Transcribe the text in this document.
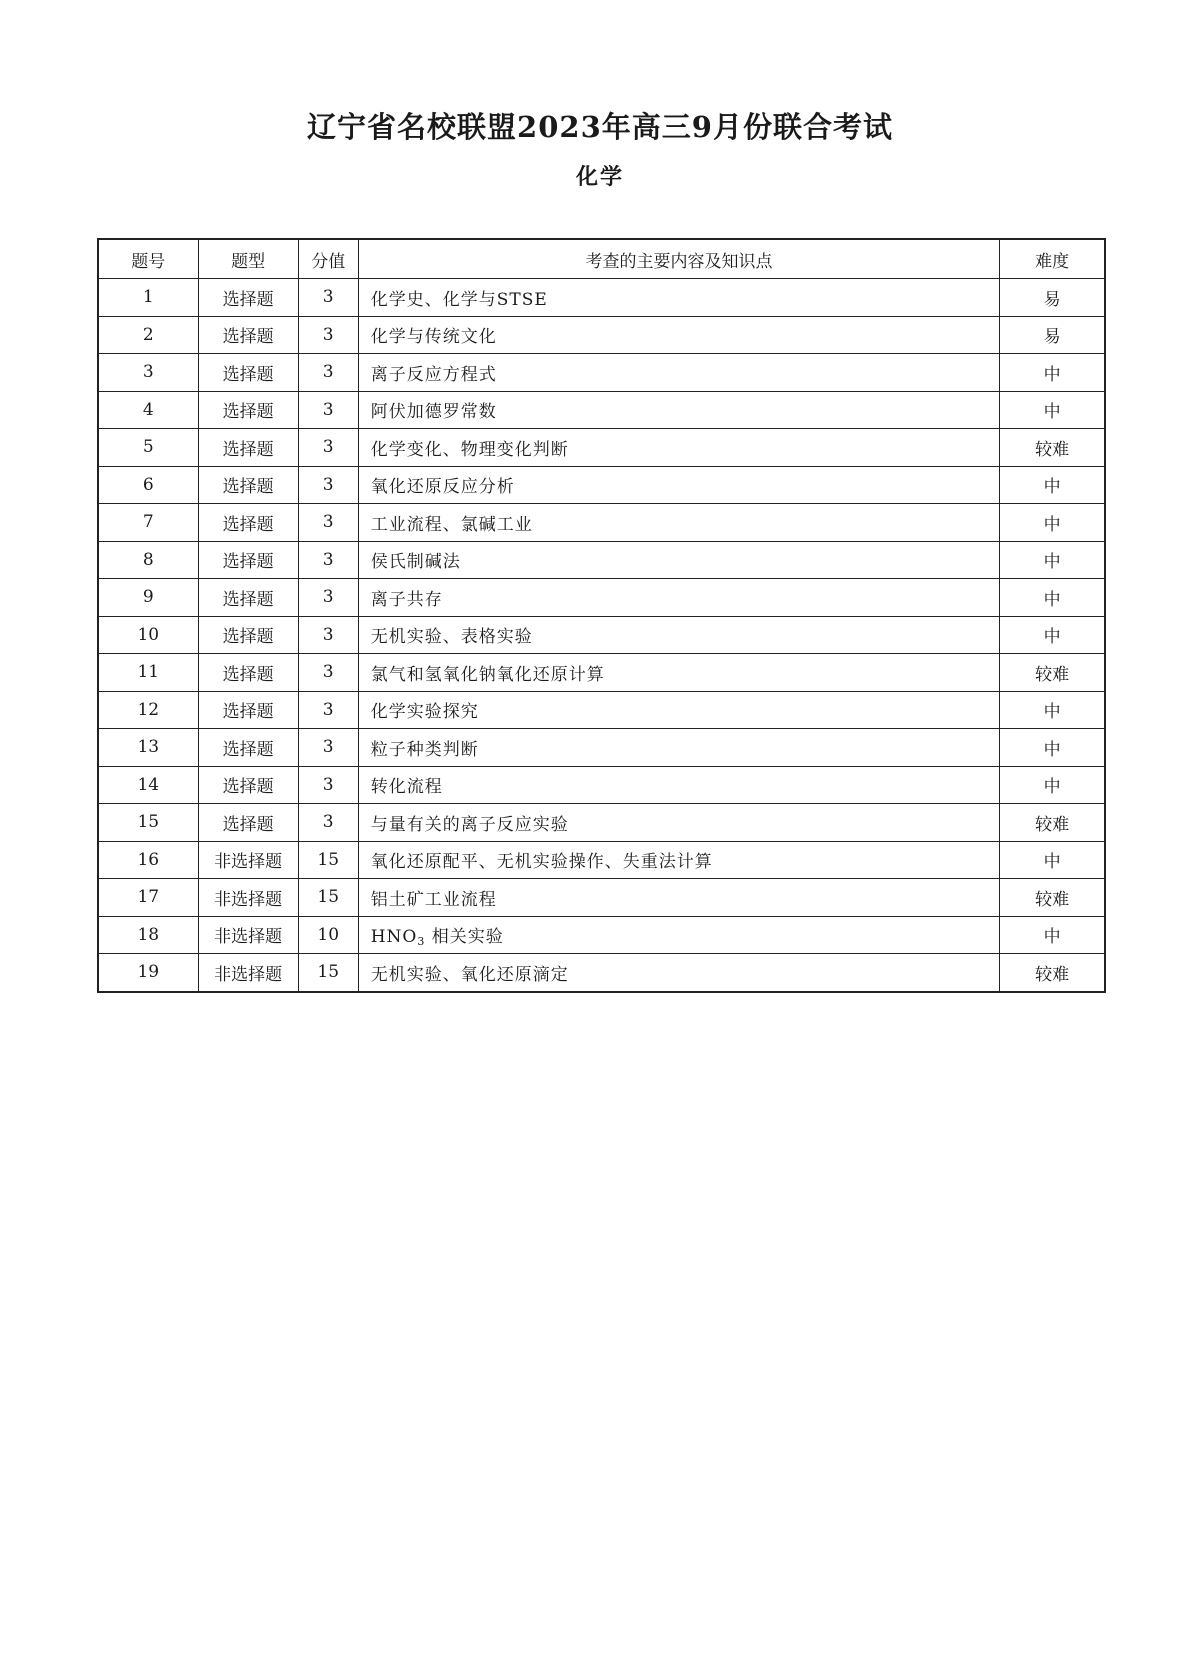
辽宁省名校联盟2023年高三9月份联合考试
化学
题号	题型	分值	考查的主要内容及知识点	难度
1	选择题	3	化学史、化学与STSE	易
2	选择题	3	化学与传统文化	易
3	选择题	3	离子反应方程式	中
4	选择题	3	阿伏加德罗常数	中
5	选择题	3	化学变化、物理变化判断	较难
6	选择题	3	氧化还原反应分析	中
7	选择题	3	工业流程、氯碱工业	中
8	选择题	3	侯氏制碱法	中
9	选择题	3	离子共存	中
10	选择题	3	无机实验、表格实验	中
11	选择题	3	氯气和氢氧化钠氧化还原计算	较难
12	选择题	3	化学实验探究	中
13	选择题	3	粒子种类判断	中
14	选择题	3	转化流程	中
15	选择题	3	与量有关的离子反应实验	较难
16	非选择题	15	氧化还原配平、无机实验操作、失重法计算	中
17	非选择题	15	铝土矿工业流程	较难
18	非选择题	10	$HNO_3$ 相关实验	中
19	非选择题	15	无机实验、氧化还原滴定	较难
